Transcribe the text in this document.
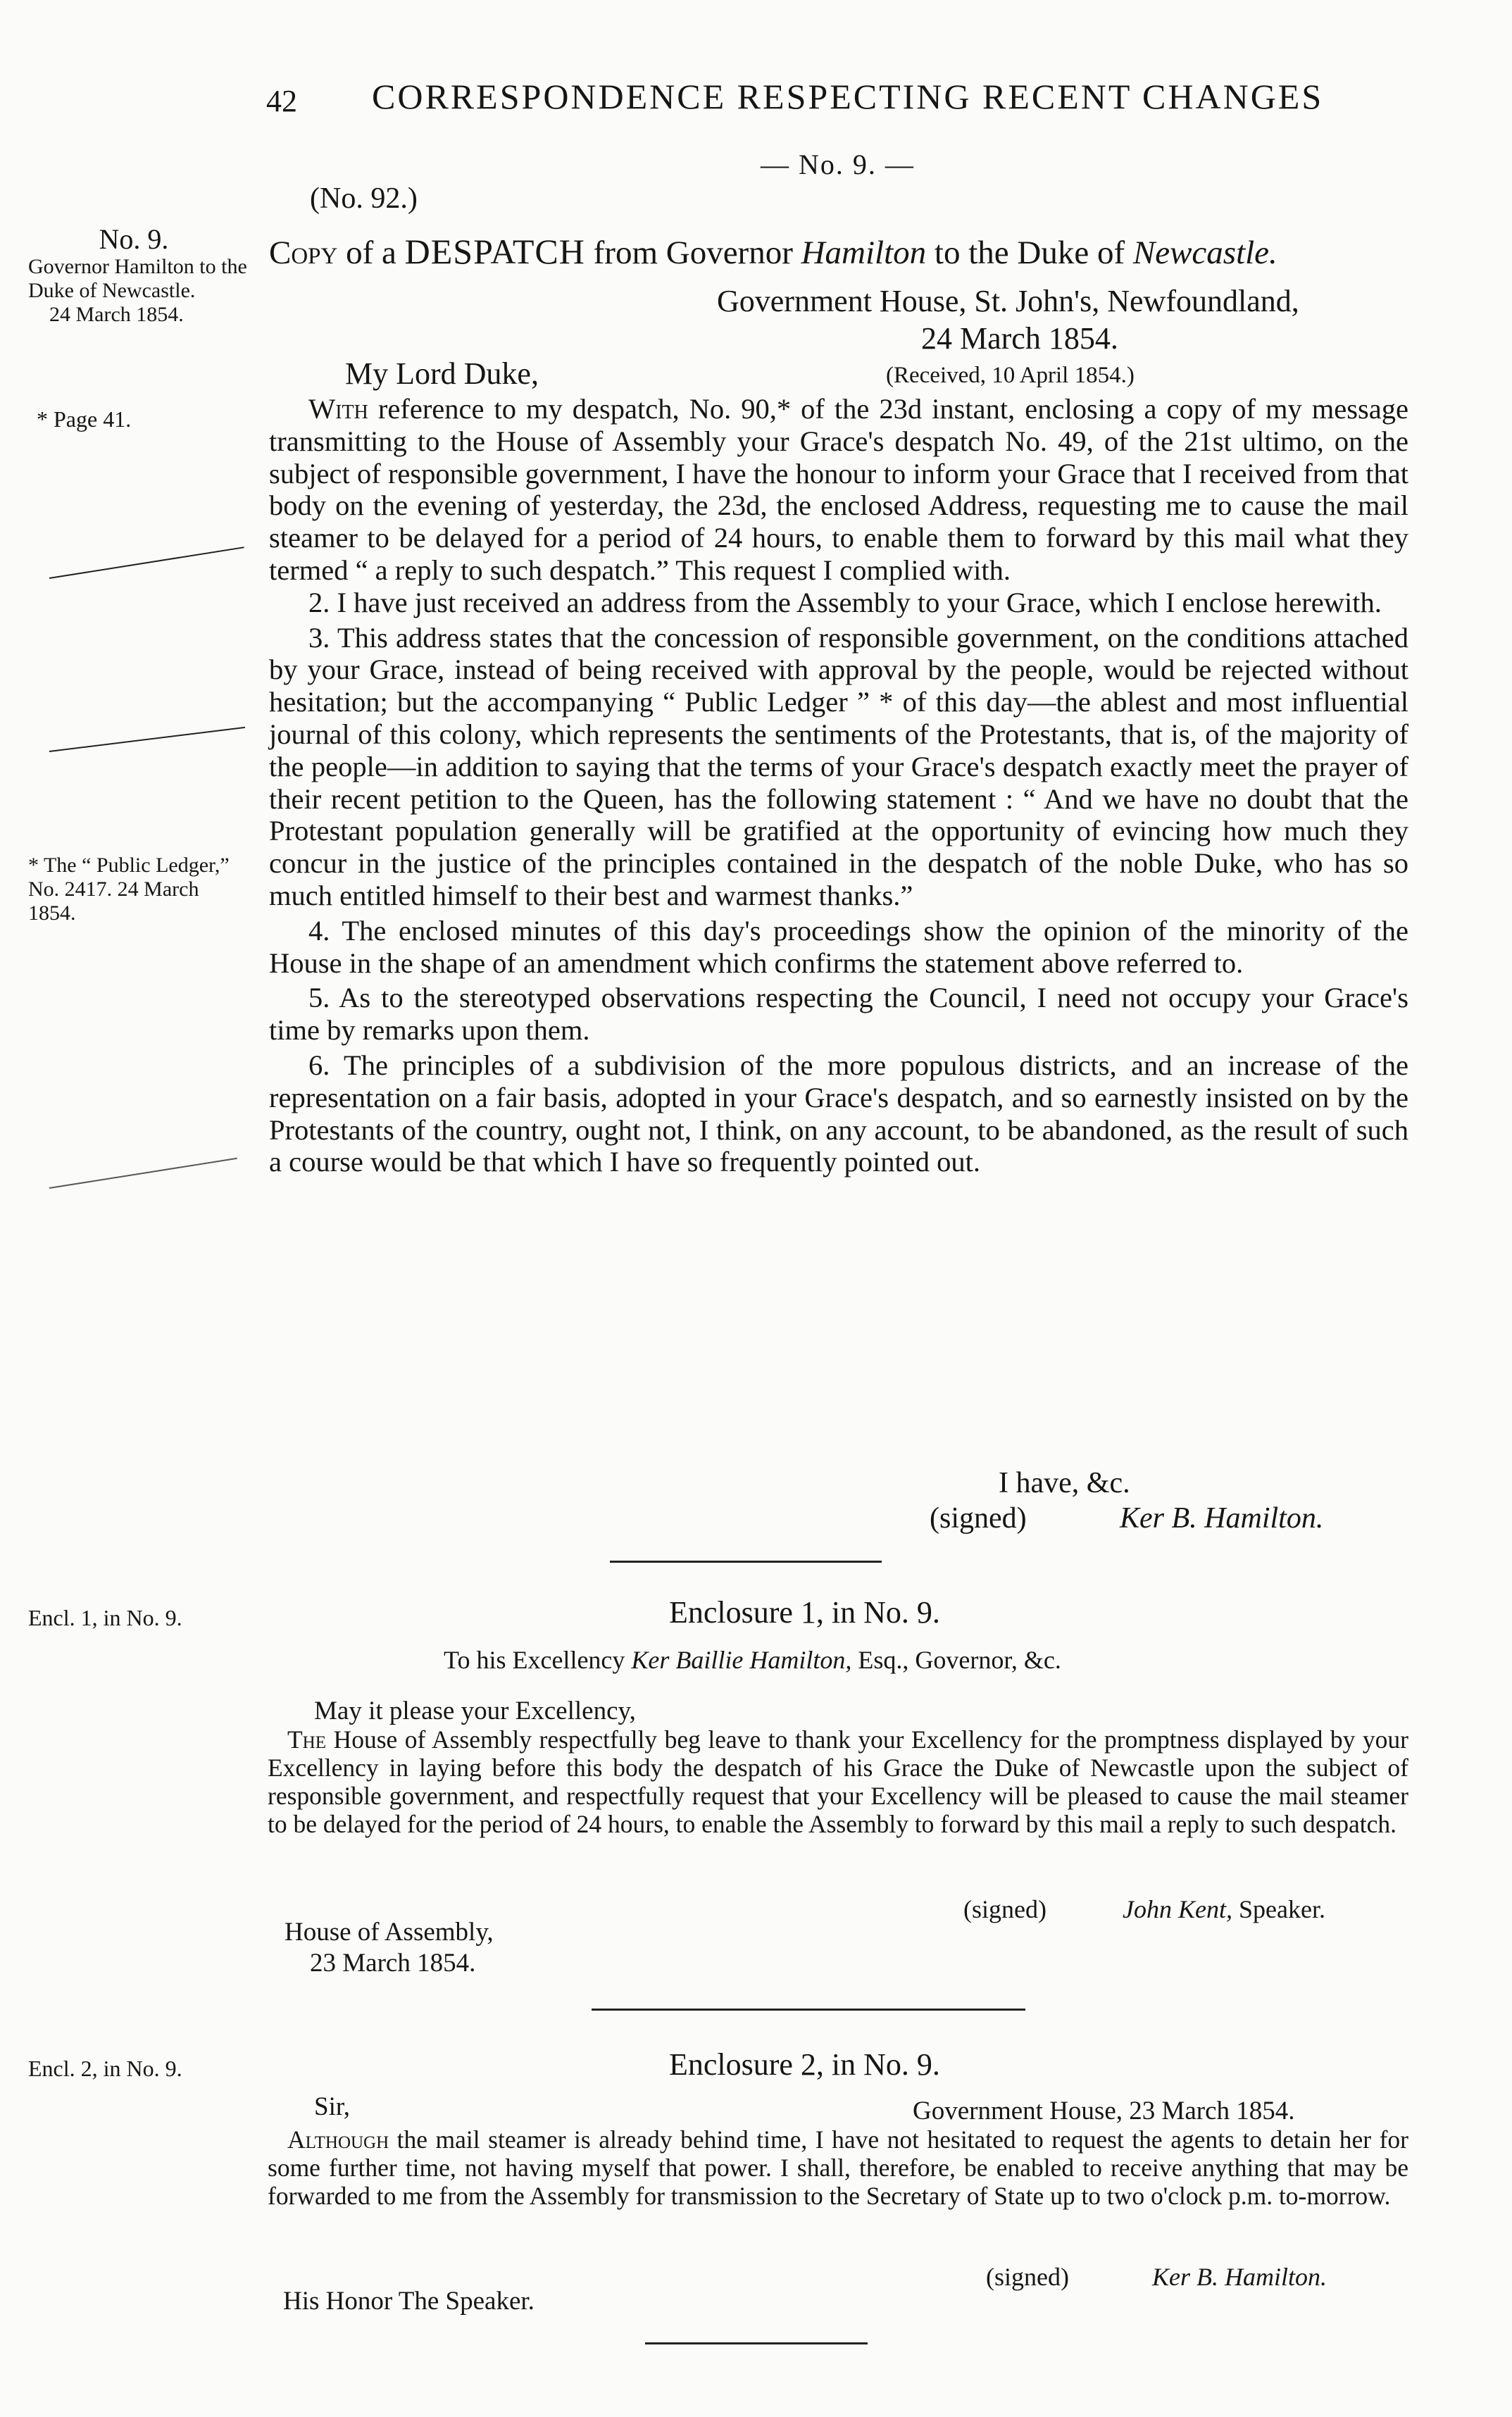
42 CORRESPONDENCE RESPECTING RECENT CHANGES
— No. 9. —
(No. 92.)
No. 9.
Governor Hamilton to the Duke of Newcastle.
24 March 1854.
* Page 41.
* The “ Public Ledger,” No. 2417. 24 March 1854.
Encl. 1, in No. 9.
Encl. 2, in No. 9.
Copy of a DESPATCH from Governor Hamilton to the Duke of Newcastle.
Government House, St. John's, Newfoundland,
24 March 1854.
My Lord Duke,	(Received, 10 April 1854.)

With reference to my despatch, No. 90,* of the 23d instant, enclosing a copy of my message transmitting to the House of Assembly your Grace's despatch No. 49, of the 21st ultimo, on the subject of responsible government, I have the honour to inform your Grace that I received from that body on the evening of yesterday, the 23d, the enclosed Address, requesting me to cause the mail steamer to be delayed for a period of 24 hours, to enable them to forward by this mail what they termed “ a reply to such despatch.” This request I complied with.

2. I have just received an address from the Assembly to your Grace, which I enclose herewith.

3. This address states that the concession of responsible government, on the conditions attached by your Grace, instead of being received with approval by the people, would be rejected without hesitation; but the accompanying “ Public Ledger ” * of this day—the ablest and most influential journal of this colony, which represents the sentiments of the Protestants, that is, of the majority of the people—in addition to saying that the terms of your Grace's despatch exactly meet the prayer of their recent petition to the Queen, has the following statement : “ And we have no doubt that the Protestant population generally will be gratified at the opportunity of evincing how much they concur in the justice of the principles contained in the despatch of the noble Duke, who has so much entitled himself to their best and warmest thanks.”

4. The enclosed minutes of this day's proceedings show the opinion of the minority of the House in the shape of an amendment which confirms the statement above referred to.

5. As to the stereotyped observations respecting the Council, I need not occupy your Grace's time by remarks upon them.

6. The principles of a subdivision of the more populous districts, and an increase of the representation on a fair basis, adopted in your Grace's despatch, and so earnestly insisted on by the Protestants of the country, ought not, I think, on any account, to be abandoned, as the result of such a course would be that which I have so frequently pointed out.

I have, &c.
(signed)	Ker B. Hamilton.
Enclosure 1, in No. 9.
To his Excellency Ker Baillie Hamilton, Esq., Governor, &c.
May it please your Excellency,

The House of Assembly respectfully beg leave to thank your Excellency for the promptness displayed by your Excellency in laying before this body the despatch of his Grace the Duke of Newcastle upon the subject of responsible government, and respectfully request that your Excellency will be pleased to cause the mail steamer to be delayed for the period of 24 hours, to enable the Assembly to forward by this mail a reply to such despatch.

(signed)	John Kent, Speaker.
House of Assembly,
23 March 1854.
Enclosure 2, in No. 9.
Sir,	Government House, 23 March 1854.

Although the mail steamer is already behind time, I have not hesitated to request the agents to detain her for some further time, not having myself that power. I shall, therefore, be enabled to receive anything that may be forwarded to me from the Assembly for transmission to the Secretary of State up to two o'clock p.m. to-morrow.

(signed)	Ker B. Hamilton.
His Honor The Speaker.
